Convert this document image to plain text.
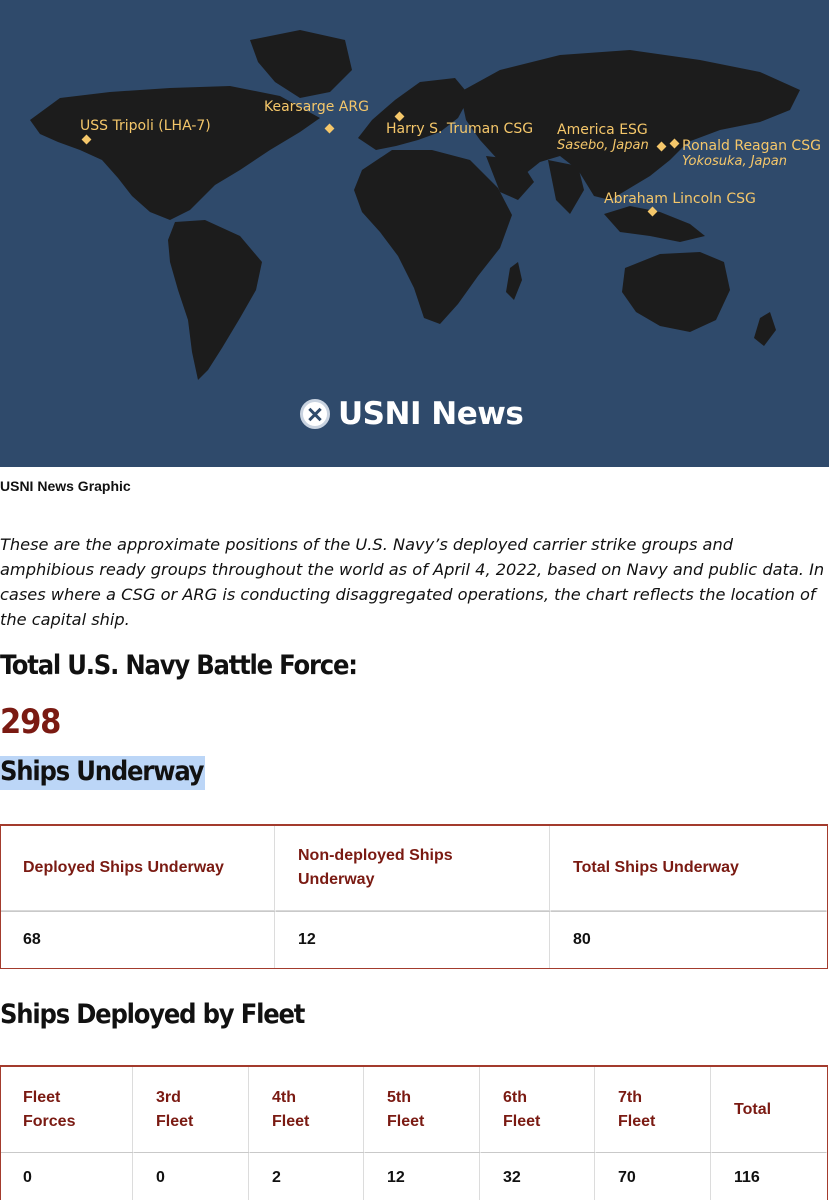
USS Tripoli (LHA-7)
Kearsarge ARG
Harry S. Truman CSG America ESG
Sasebo, Japan Ronald Reagan CSG
Yokosuka, Japan
Abraham Lincoln CSG
USNI News
USNI News Graphic

These are the approximate positions of the U.S. Navy’s deployed carrier strike groups and amphibious ready groups throughout the world as of April 4, 2022, based on Navy and public data. In cases where a CSG or ARG is conducting disaggregated operations, the chart reflects the location of the capital ship.

Total U.S. Navy Battle Force:
298
Ships Underway
Deployed Ships Underway	Non-deployed Ships Underway	Total Ships Underway
68	12	80
Ships Deployed by Fleet
Fleet Forces	3rd Fleet	4th Fleet	5th Fleet	6th Fleet	7th Fleet	Total
0	0	2	12	32	70	116
